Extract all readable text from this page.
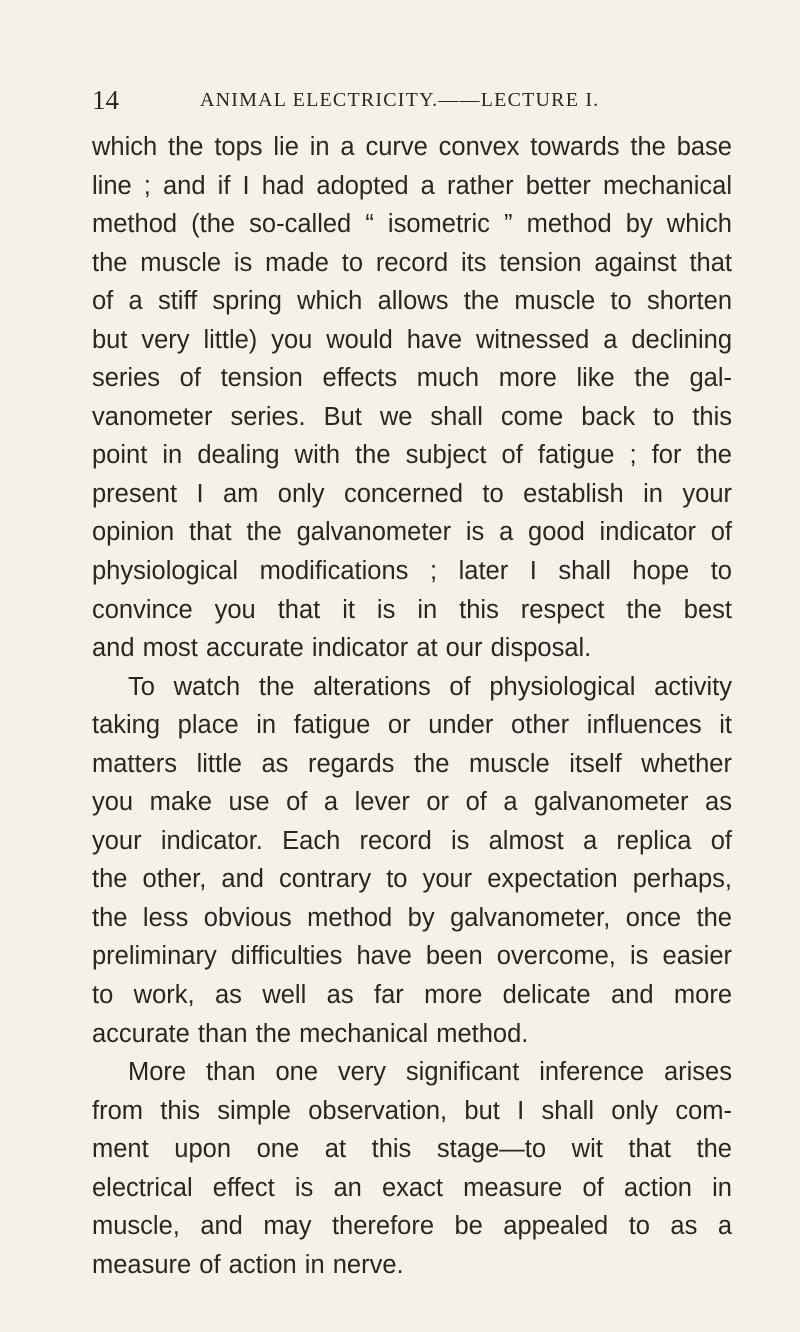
14	ANIMAL ELECTRICITY.——LECTURE I.
which the tops lie in a curve convex towards the base
line ; and if I had adopted a rather better mechanical
method (the so-called “ isometric ” method by which
the muscle is made to record its tension against that
of a stiff spring which allows the muscle to shorten
but very little) you would have witnessed a declining
series of tension effects much more like the gal-
vanometer series. But we shall come back to this
point in dealing with the subject of fatigue ; for the
present I am only concerned to establish in your
opinion that the galvanometer is a good indicator of
physiological modifications ; later I shall hope to
convince you that it is in this respect the best
and most accurate indicator at our disposal.
To watch the alterations of physiological activity
taking place in fatigue or under other influences it
matters little as regards the muscle itself whether
you make use of a lever or of a galvanometer as
your indicator. Each record is almost a replica of
the other, and contrary to your expectation perhaps,
the less obvious method by galvanometer, once the
preliminary difficulties have been overcome, is easier
to work, as well as far more delicate and more
accurate than the mechanical method.
More than one very significant inference arises
from this simple observation, but I shall only com-
ment upon one at this stage—to wit that the
electrical effect is an exact measure of action in
muscle, and may therefore be appealed to as a
measure of action in nerve.
